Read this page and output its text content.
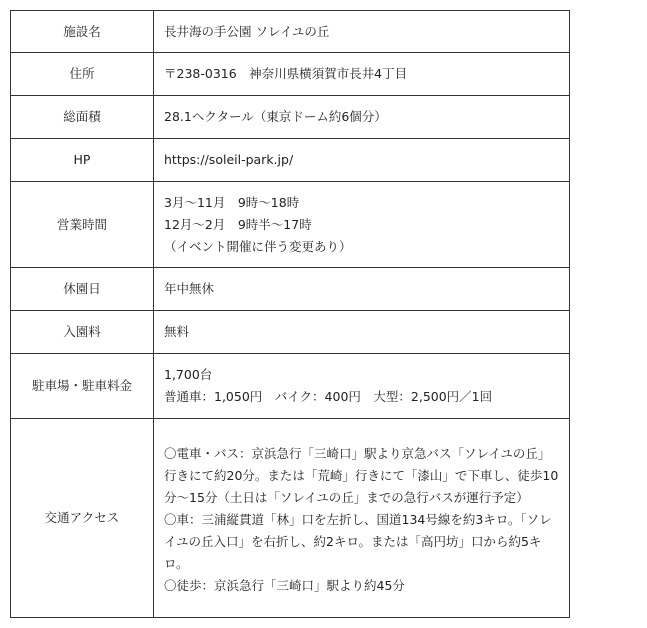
施設名	長井海の手公園 ソレイユの丘

住所	〒238-0316　神奈川県横須賀市長井4丁目

総面積	28.1ヘクタール（東京ドーム約6個分）

HP	https://soleil-park.jp/

営業時間	3月～11月　9時～18時
12月～2月　9時半～17時
（イベント開催に伴う変更あり）

休園日	年中無休

入園料	無料

駐車場・駐車料金	1,700台
普通車：1,050円　バイク：400円　大型：2,500円／1回

交通アクセス	〇電車・バス：京浜急行「三崎口」駅より京急バス「ソレイユの丘」行きにて約20分。または「荒崎」行きにて「漆山」で下車し、徒歩10分～15分（土日は「ソレイユの丘」までの急行バスが運行予定）
〇車：三浦縦貫道「林」口を左折し、国道134号線を約3キロ。「ソレイユの丘入口」を右折し、約2キロ。または「高円坊」口から約5キロ。
〇徒歩：京浜急行「三崎口」駅より約45分
